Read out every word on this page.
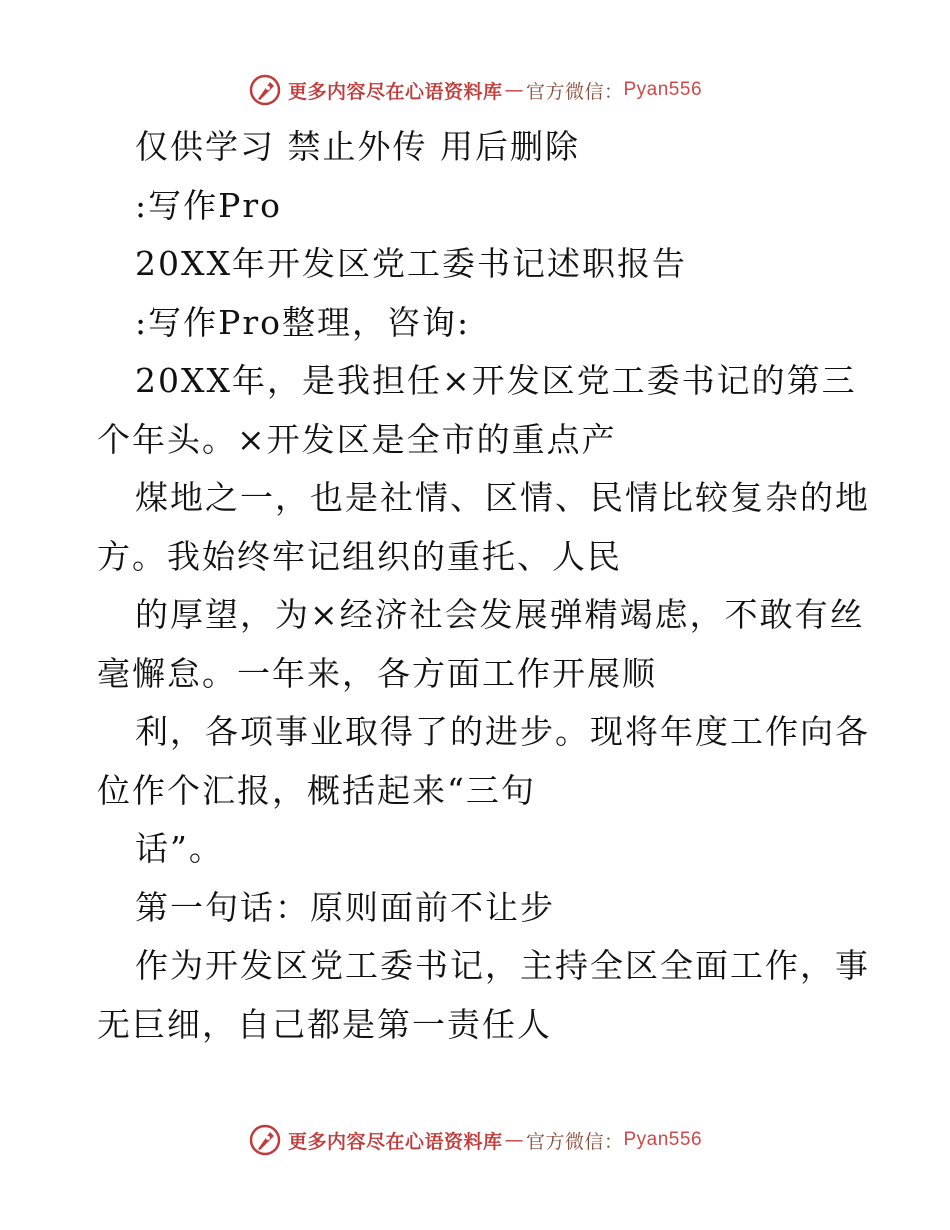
更多内容尽在心语资料库 — 官方微信： Pyan556
仅供学习 禁止外传 用后删除
:写作Pro
20XX年开发区党工委书记述职报告
:写作Pro整理，咨询:
20XX年，是我担任×开发区党工委书记的第三
个年头。×开发区是全市的重点产
煤地之一，也是社情、区情、民情比较复杂的地
方。我始终牢记组织的重托、人民
的厚望，为×经济社会发展弹精竭虑，不敢有丝
毫懈怠。一年来，各方面工作开展顺
利，各项事业取得了的进步。现将年度工作向各
位作个汇报，概括起来“三句
话”。
第一句话：原则面前不让步
作为开发区党工委书记，主持全区全面工作，事
无巨细，自己都是第一责任人
更多内容尽在心语资料库 — 官方微信： Pyan556
